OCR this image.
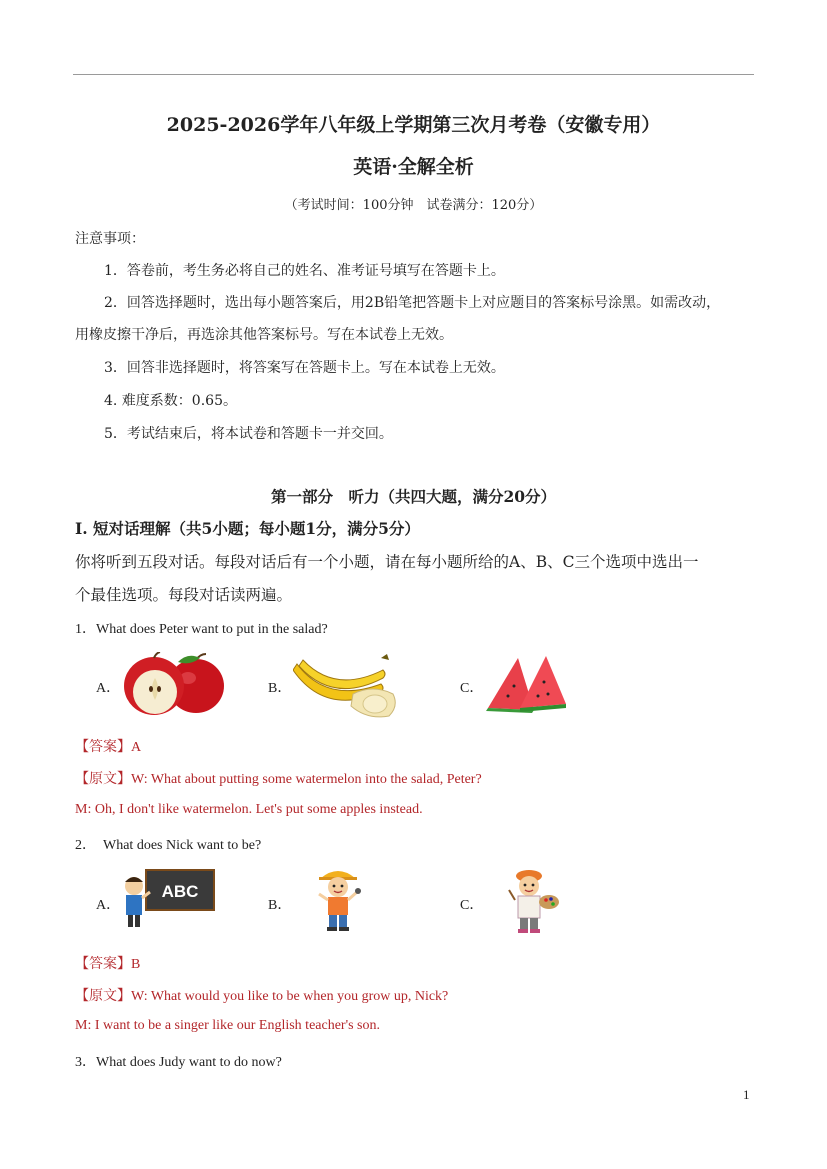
2025-2026学年八年级上学期第三次月考卷（安徽专用）
英语·全解全析
（考试时间：100分钟　试卷满分：120分）
注意事项：
1．答卷前，考生务必将自己的姓名、准考证号填写在答题卡上。
2．回答选择题时，选出每小题答案后，用2B铅笔把答题卡上对应题目的答案标号涂黑。如需改动，
用橡皮擦干净后，再选涂其他答案标号。写在本试卷上无效。
3．回答非选择题时，将答案写在答题卡上。写在本试卷上无效。
4. 难度系数：0.65。
5．考试结束后，将本试卷和答题卡一并交回。
第一部分　听力（共四大题，满分20分）
I. 短对话理解（共5小题；每小题1分，满分5分）
你将听到五段对话。每段对话后有一个小题，请在每小题所给的A、B、C三个选项中选出一
个最佳选项。每段对话读两遍。
1．What does Peter want to put in the salad?
A．	B．	C．
【答案】A
【原文】W: What about putting some watermelon into the salad, Peter?
M: Oh, I don't like watermelon. Let's put some apples instead.
2．　What does Nick want to be?
A．
ABC
B．	C．
【答案】B
【原文】W: What would you like to be when you grow up, Nick?
M: I want to be a singer like our English teacher's son.
3．What does Judy want to do now?
1
